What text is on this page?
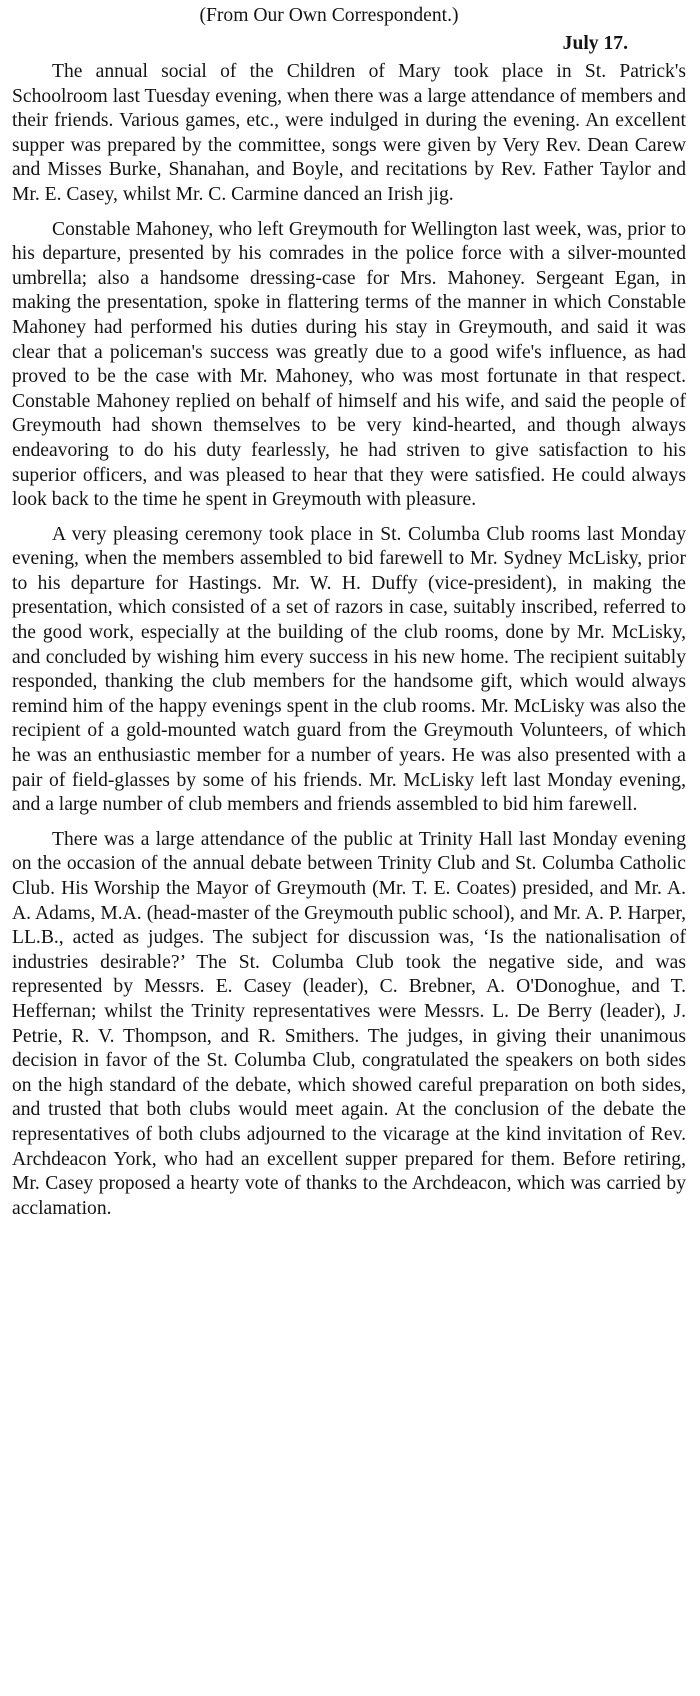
(From Our Own Correspondent.)
July 17.

The annual social of the Children of Mary took place in St. Patrick's Schoolroom last Tuesday evening, when there was a large attendance of members and their friends. Various games, etc., were indulged in during the evening. An excellent supper was prepared by the committee, songs were given by Very Rev. Dean Carew and Misses Burke, Shanahan, and Boyle, and recitations by Rev. Father Taylor and Mr. E. Casey, whilst Mr. C. Carmine danced an Irish jig.

Constable Mahoney, who left Greymouth for Wellington last week, was, prior to his departure, presented by his comrades in the police force with a silver-mounted umbrella; also a handsome dressing-case for Mrs. Mahoney. Sergeant Egan, in making the presentation, spoke in flattering terms of the manner in which Constable Mahoney had performed his duties during his stay in Greymouth, and said it was clear that a policeman's success was greatly due to a good wife's influence, as had proved to be the case with Mr. Mahoney, who was most fortunate in that respect. Constable Mahoney replied on behalf of himself and his wife, and said the people of Greymouth had shown themselves to be very kind-hearted, and though always endeavoring to do his duty fearlessly, he had striven to give satisfaction to his superior officers, and was pleased to hear that they were satisfied. He could always look back to the time he spent in Greymouth with pleasure.

A very pleasing ceremony took place in St. Columba Club rooms last Monday evening, when the members assembled to bid farewell to Mr. Sydney McLisky, prior to his departure for Hastings. Mr. W. H. Duffy (vice-president), in making the presentation, which consisted of a set of razors in case, suitably inscribed, referred to the good work, especially at the building of the club rooms, done by Mr. McLisky, and concluded by wishing him every success in his new home. The recipient suitably responded, thanking the club members for the handsome gift, which would always remind him of the happy evenings spent in the club rooms. Mr. McLisky was also the recipient of a gold-mounted watch guard from the Greymouth Volunteers, of which he was an enthusiastic member for a number of years. He was also presented with a pair of field-glasses by some of his friends. Mr. McLisky left last Monday evening, and a large number of club members and friends assembled to bid him farewell.

There was a large attendance of the public at Trinity Hall last Monday evening on the occasion of the annual debate between Trinity Club and St. Columba Catholic Club. His Worship the Mayor of Greymouth (Mr. T. E. Coates) presided, and Mr. A. A. Adams, M.A. (head-master of the Greymouth public school), and Mr. A. P. Harper, LL.B., acted as judges. The subject for discussion was, ‘Is the nationalisation of industries desirable?’ The St. Columba Club took the negative side, and was represented by Messrs. E. Casey (leader), C. Brebner, A. O'Donoghue, and T. Heffernan; whilst the Trinity representatives were Messrs. L. De Berry (leader), J. Petrie, R. V. Thompson, and R. Smithers. The judges, in giving their unanimous decision in favor of the St. Columba Club, congratulated the speakers on both sides on the high standard of the debate, which showed careful preparation on both sides, and trusted that both clubs would meet again. At the conclusion of the debate the representatives of both clubs adjourned to the vicarage at the kind invitation of Rev. Archdeacon York, who had an excellent supper prepared for them. Before retiring, Mr. Casey proposed a hearty vote of thanks to the Archdeacon, which was carried by acclamation.
